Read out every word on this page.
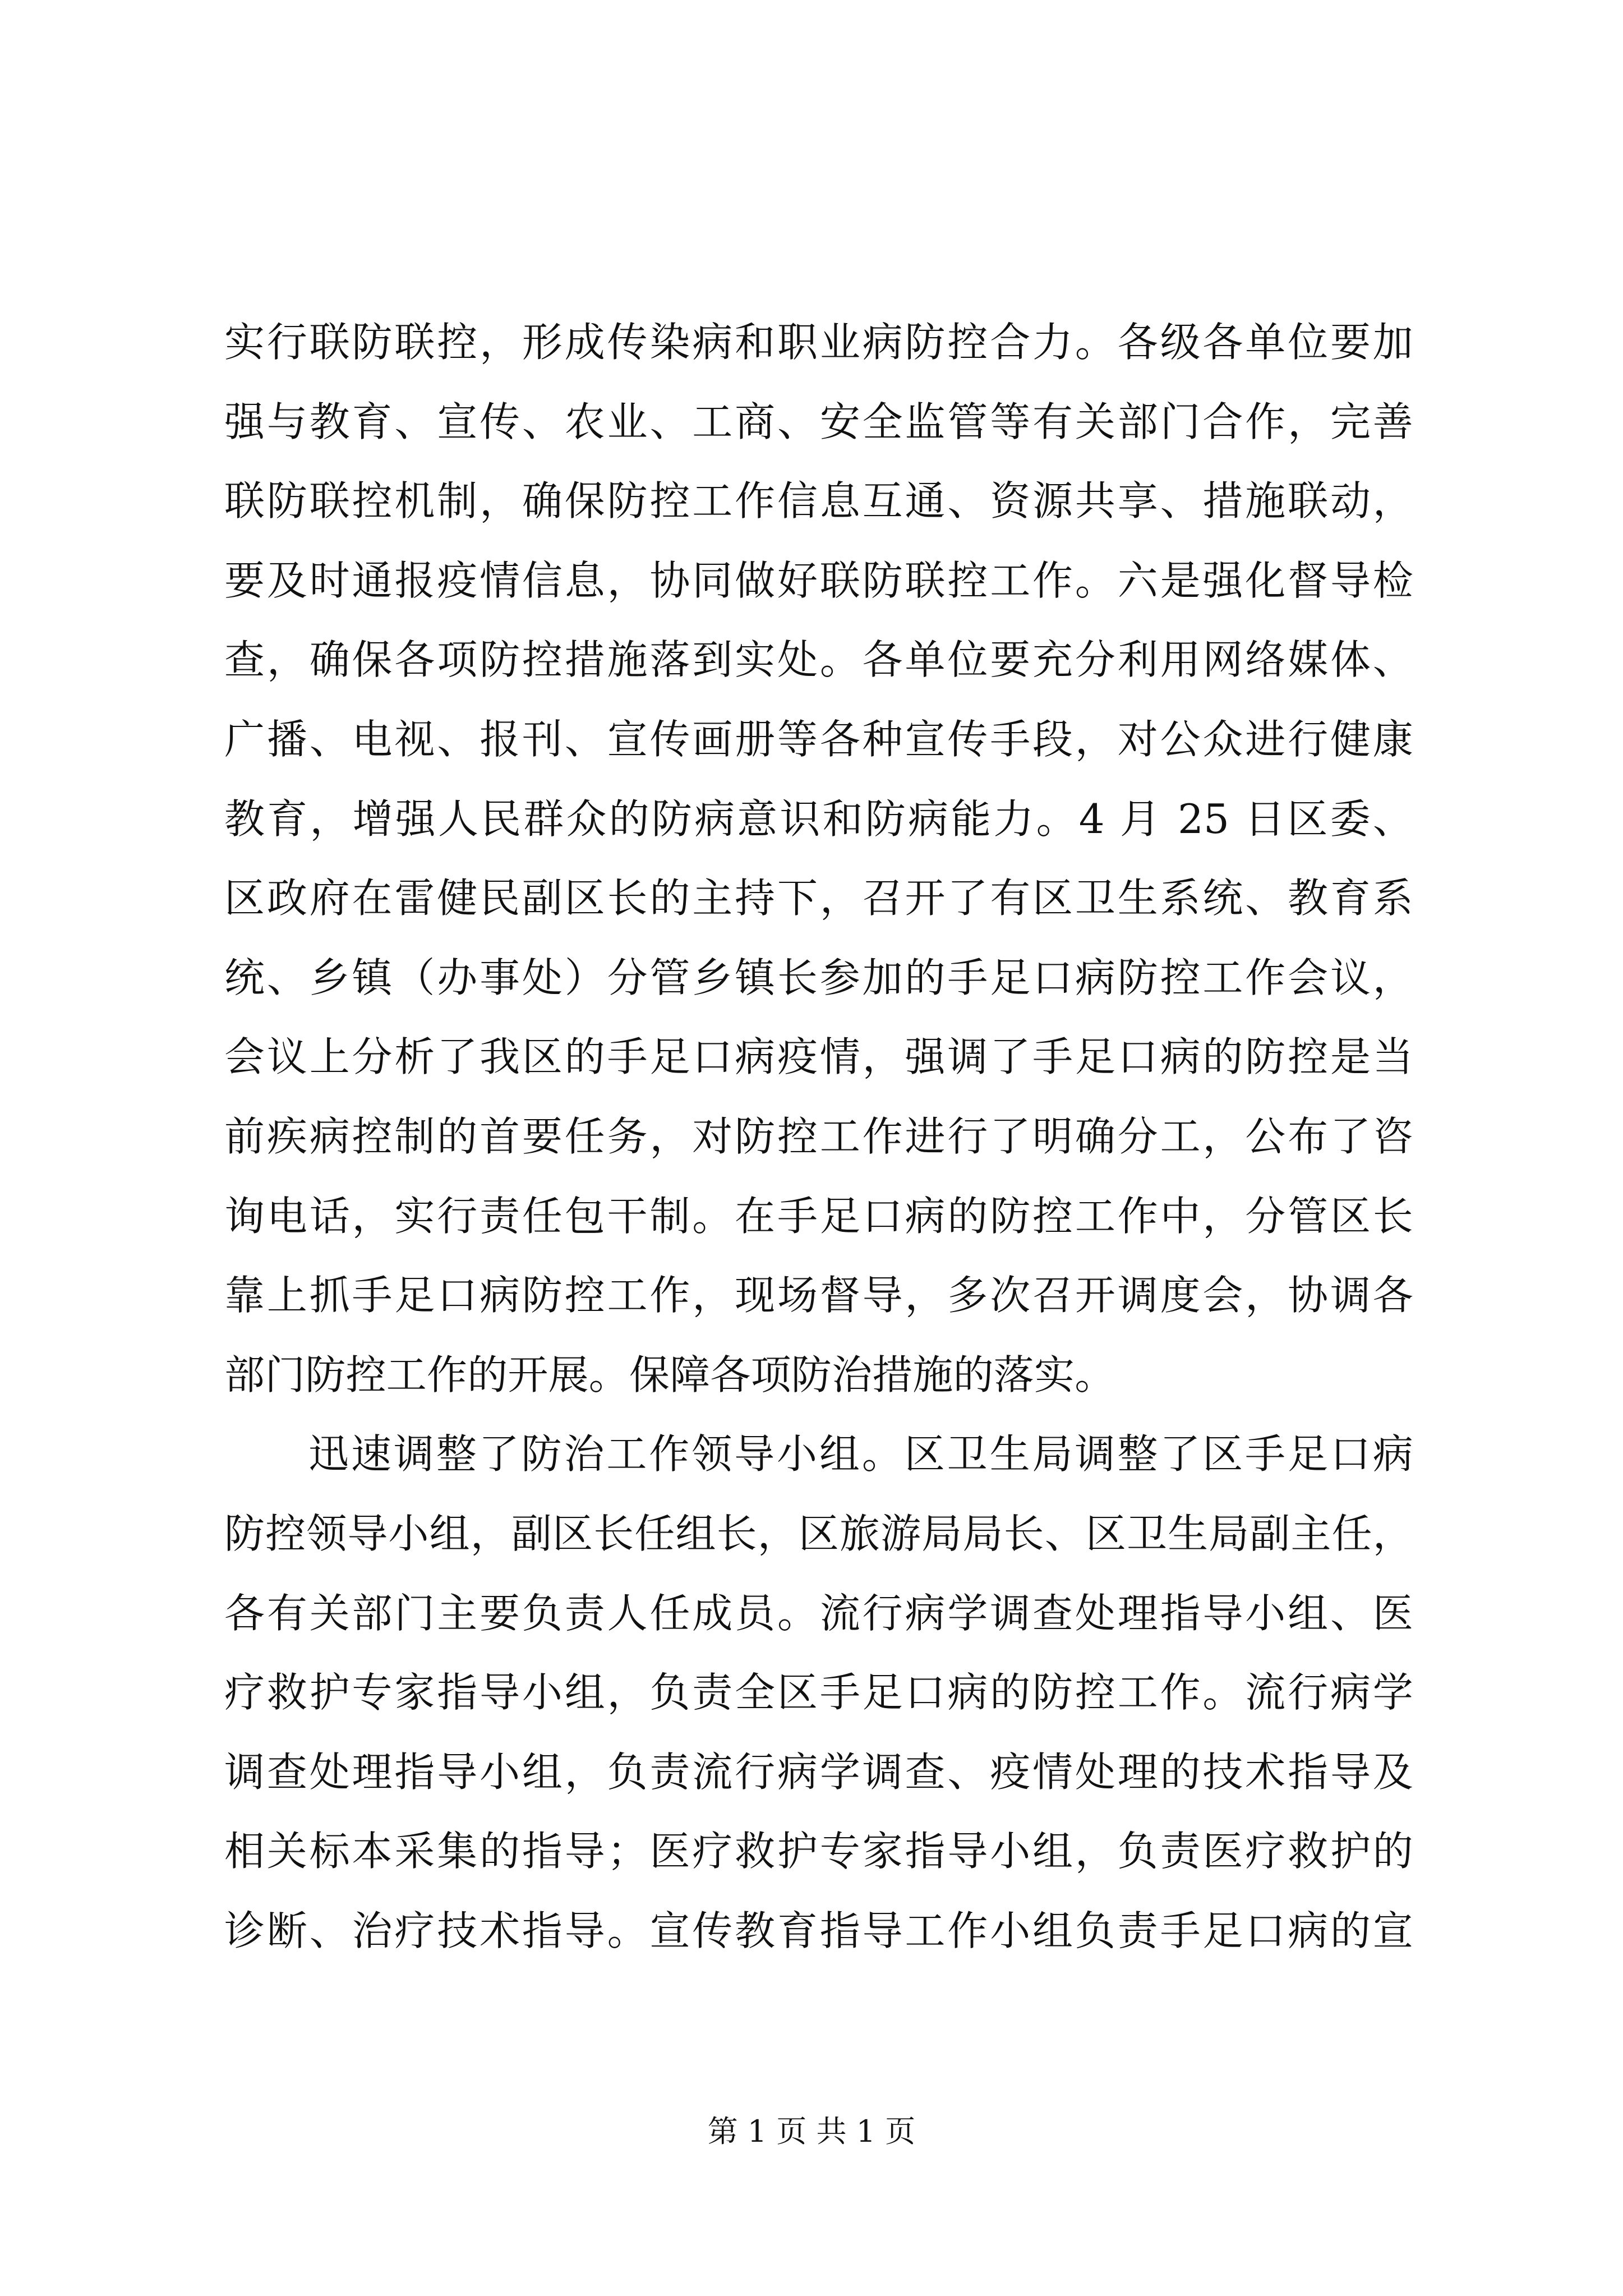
实行联防联控，形成传染病和职业病防控合力。各级各单位要加
强与教育、宣传、农业、工商、安全监管等有关部门合作，完善
联防联控机制，确保防控工作信息互通、资源共享、措施联动，
要及时通报疫情信息，协同做好联防联控工作。六是强化督导检
查，确保各项防控措施落到实处。各单位要充分利用网络媒体、
广播、电视、报刊、宣传画册等各种宣传手段，对公众进行健康
教育，增强人民群众的防病意识和防病能力。4 月 25 日区委、
区政府在雷健民副区长的主持下，召开了有区卫生系统、教育系
统、乡镇（办事处）分管乡镇长参加的手足口病防控工作会议，
会议上分析了我区的手足口病疫情，强调了手足口病的防控是当
前疾病控制的首要任务，对防控工作进行了明确分工，公布了咨
询电话，实行责任包干制。在手足口病的防控工作中，分管区长
靠上抓手足口病防控工作，现场督导，多次召开调度会，协调各
部门防控工作的开展。保障各项防治措施的落实。
迅速调整了防治工作领导小组。区卫生局调整了区手足口病
防控领导小组，副区长任组长，区旅游局局长、区卫生局副主任，
各有关部门主要负责人任成员。流行病学调查处理指导小组、医
疗救护专家指导小组，负责全区手足口病的防控工作。流行病学
调查处理指导小组，负责流行病学调查、疫情处理的技术指导及
相关标本采集的指导；医疗救护专家指导小组，负责医疗救护的
诊断、治疗技术指导。宣传教育指导工作小组负责手足口病的宣
第 1 页 共 1 页
